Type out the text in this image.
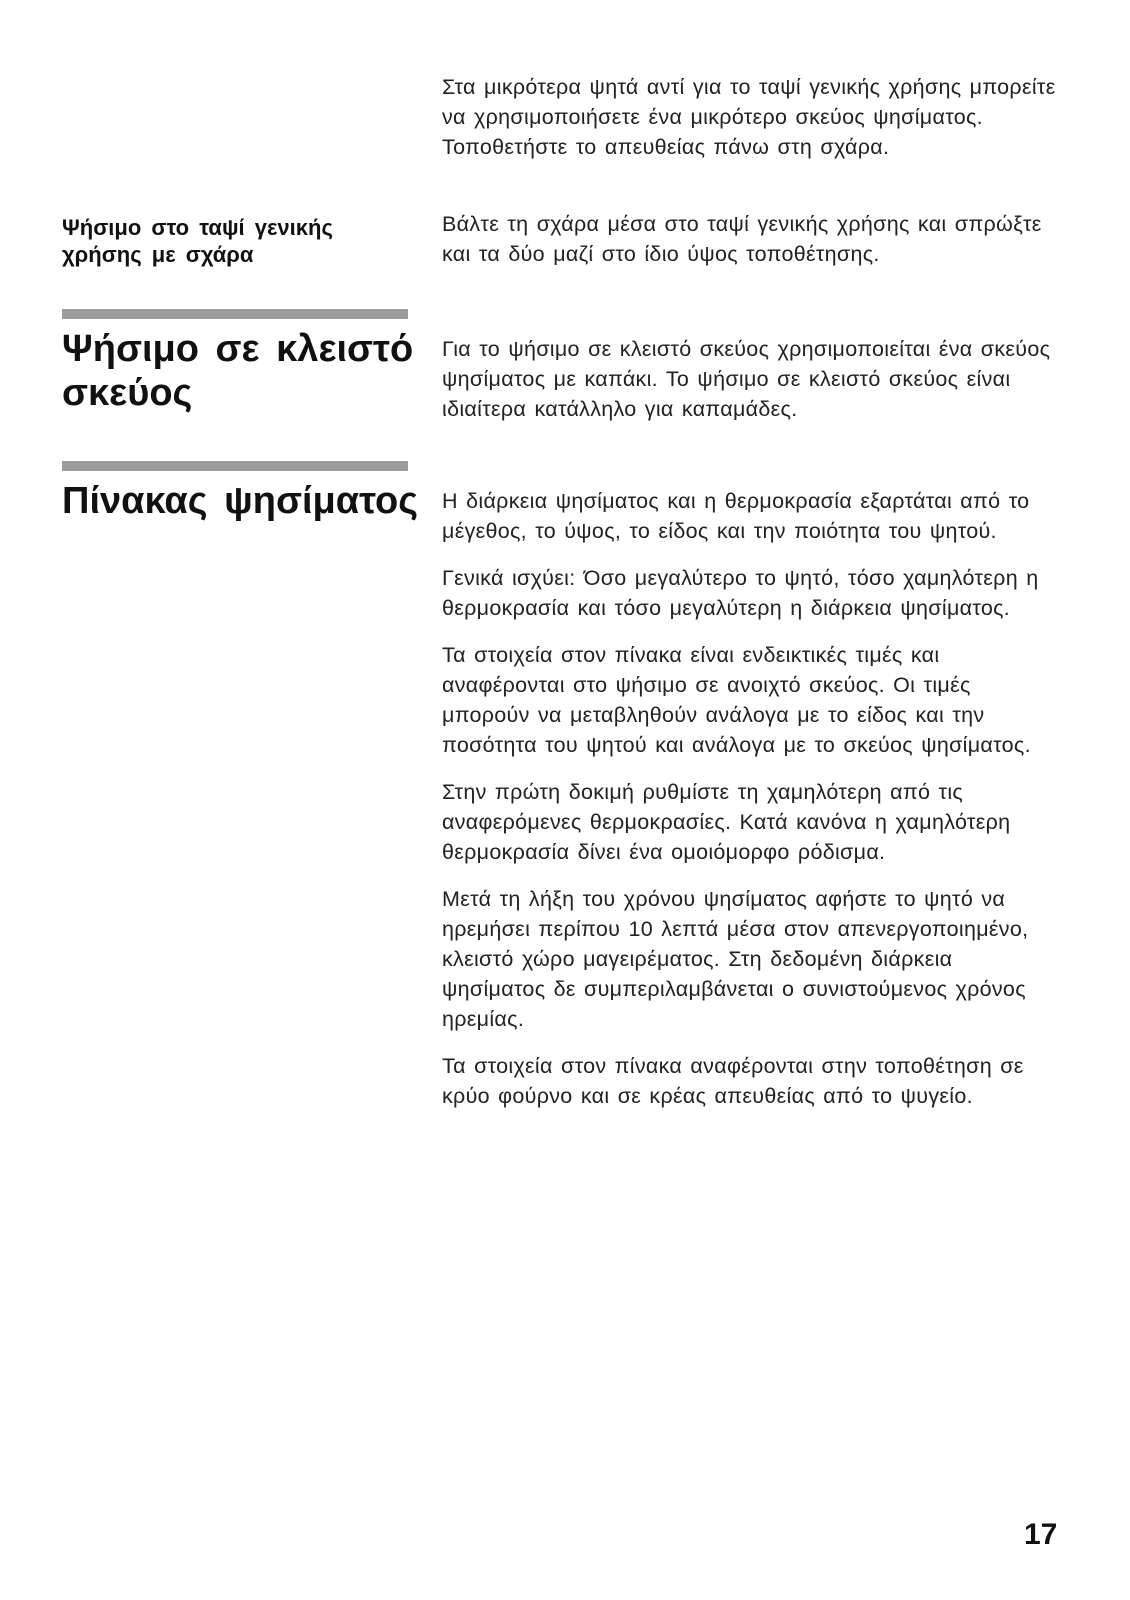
Στα μικρότερα ψητά αντί για το ταψί γενικής χρήσης μπορείτε να χρησιμοποιήσετε ένα μικρότερο σκεύος ψησίματος. Τοποθετήστε το απευθείας πάνω στη σχάρα.

Ψήσιμο στο ταψί γενικής χρήσης με σχάρα

Βάλτε τη σχάρα μέσα στο ταψί γενικής χρήσης και σπρώξτε και τα δύο μαζί στο ίδιο ύψος τοποθέτησης.

Ψήσιμο σε κλειστό σκεύος

Για το ψήσιμο σε κλειστό σκεύος χρησιμοποιείται ένα σκεύος ψησίματος με καπάκι. Το ψήσιμο σε κλειστό σκεύος είναι ιδιαίτερα κατάλληλο για καπαμάδες.

Πίνακας ψησίματος Η διάρκεια ψησίματος και η θερμοκρασία εξαρτάται από το μέγεθος, το ύψος, το είδος και την ποιότητα του ψητού.

Γενικά ισχύει: Όσο μεγαλύτερο το ψητό, τόσο χαμηλότερη η θερμοκρασία και τόσο μεγαλύτερη η διάρκεια ψησίματος.

Τα στοιχεία στον πίνακα είναι ενδεικτικές τιμές και αναφέρονται στο ψήσιμο σε ανοιχτό σκεύος. Οι τιμές μπορούν να μεταβληθούν ανάλογα με το είδος και την ποσότητα του ψητού και ανάλογα με το σκεύος ψησίματος.

Στην πρώτη δοκιμή ρυθμίστε τη χαμηλότερη από τις αναφερόμενες θερμοκρασίες. Κατά κανόνα η χαμηλότερη θερμοκρασία δίνει ένα ομοιόμορφο ρόδισμα.

Μετά τη λήξη του χρόνου ψησίματος αφήστε το ψητό να ηρεμήσει περίπου 10 λεπτά μέσα στον απενεργοποιημένο, κλειστό χώρο μαγειρέματος. Στη δεδομένη διάρκεια ψησίματος δε συμπεριλαμβάνεται ο συνιστούμενος χρόνος ηρεμίας.

Τα στοιχεία στον πίνακα αναφέρονται στην τοποθέτηση σε κρύο φούρνο και σε κρέας απευθείας από το ψυγείο.

17
